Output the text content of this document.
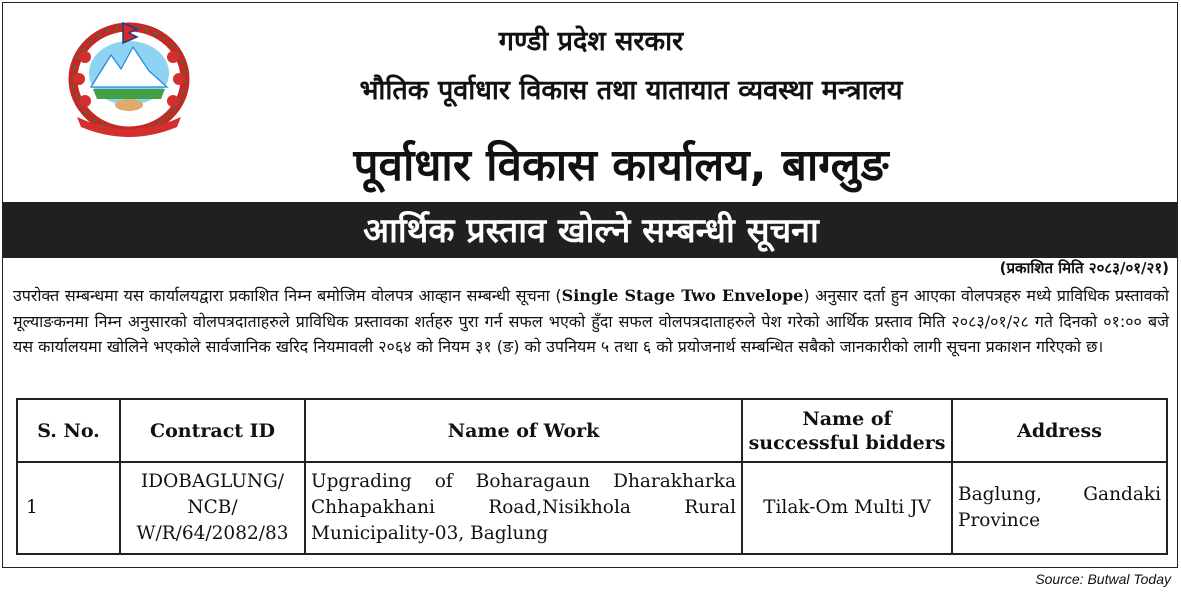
गण्डी प्रदेश सरकार
भौतिक पूर्वाधार विकास तथा यातायात व्यवस्था मन्त्रालय
पूर्वाधार विकास कार्यालय, बाग्लुङ
आर्थिक प्रस्ताव खोल्ने सम्बन्धी सूचना
(प्रकाशित मिति २०८३/०१/२१)
उपरोक्त सम्बन्धमा यस कार्यालयद्वारा प्रकाशित निम्न बमोजिम वोलपत्र आव्हान सम्बन्धी सूचना (Single Stage Two Envelope) अनुसार दर्ता हुन आएका वोलपत्रहरु मध्ये प्राविधिक प्रस्तावको मूल्याङकनमा निम्न अनुसारको वोलपत्रदाताहरुले प्राविधिक प्रस्तावका शर्तहरु पुरा गर्न सफल भएको हुँदा सफल वोलपत्रदाताहरुले पेश गरेको आर्थिक प्रस्ताव मिति २०८३/०१/२८ गते दिनको ०१:०० बजे यस कार्यालयमा खोलिने भएकोले सार्वजानिक खरिद नियमावली २०६४ को नियम ३१ (ङ) को उपनियम ५ तथा ६ को प्रयोजनार्थ सम्बन्धित सबैको जानकारीको लागी सूचना प्रकाशन गरिएको छ।
S. No.	Contract ID	Name of Work	Name of successful bidders	Address
1	IDOBAGLUNG/ NCB/ W/R/64/2082/83	Upgrading of Boharagaun Dharakharka Chhapakhani Road,Nisikhola Rural Municipality-03, Baglung	Tilak-Om Multi JV	Baglung, Gandaki Province
Source: Butwal Today
